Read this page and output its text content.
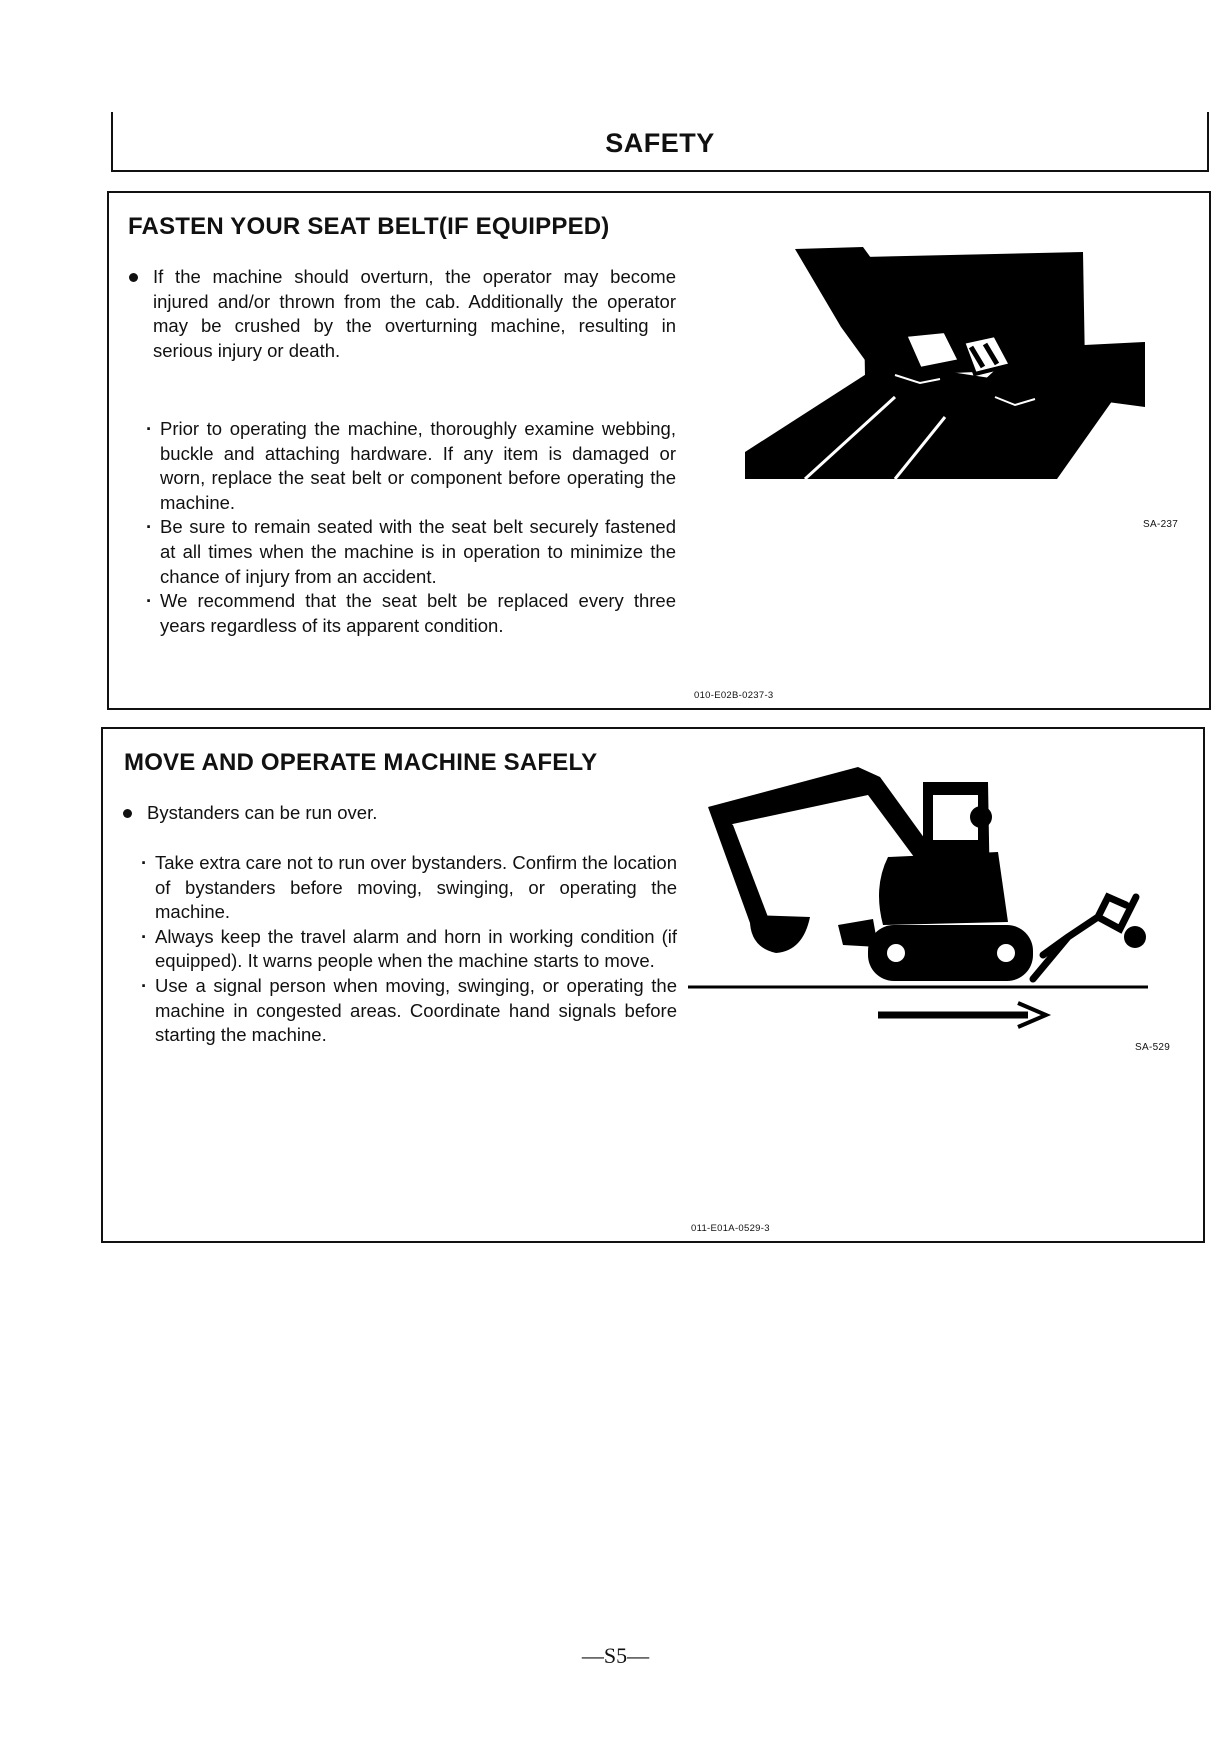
SAFETY
FASTEN YOUR SEAT BELT(IF EQUIPPED)
If the machine should overturn, the operator may become injured and/or thrown from the cab. Additionally the operator may be crushed by the overturning machine, resulting in serious injury or death.
· Prior to operating the machine, thoroughly examine webbing, buckle and attaching hardware. If any item is damaged or worn, replace the seat belt or component before operating the machine.
· Be sure to remain seated with the seat belt securely fastened at all times when the machine is in operation to minimize the chance of injury from an accident.
· We recommend that the seat belt be replaced every three years regardless of its apparent condition.
SA-237
010-E02B-0237-3
MOVE AND OPERATE MACHINE SAFELY
Bystanders can be run over.
· Take extra care not to run over bystanders. Confirm the location of bystanders before moving, swinging, or operating the machine.
· Always keep the travel alarm and horn in working condition (if equipped). It warns people when the machine starts to move.
· Use a signal person when moving, swinging, or operating the machine in congested areas. Coordinate hand signals before starting the machine.
SA-529
011-E01A-0529-3
—S5—
